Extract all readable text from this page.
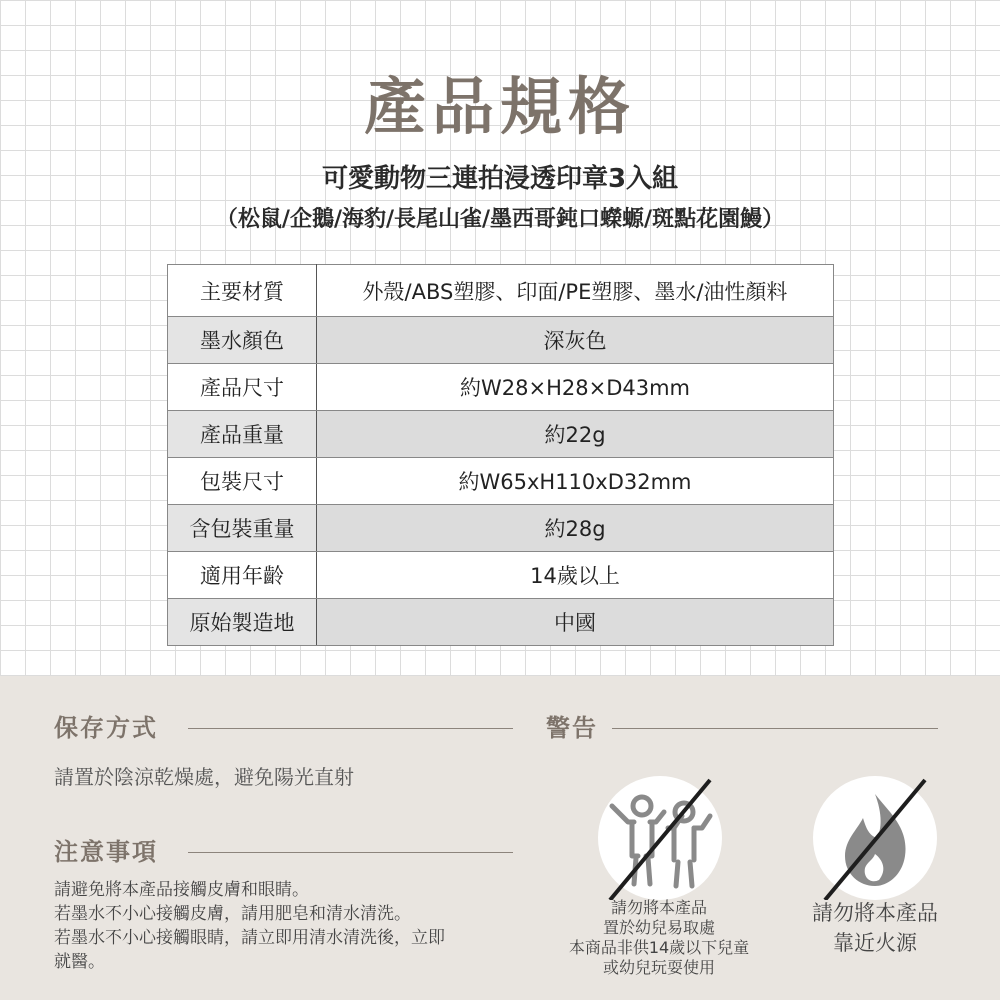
產品規格
可愛動物三連拍浸透印章3入組
（松鼠/企鵝/海豹/長尾山雀/墨西哥鈍口蠑螈/斑點花園鰻）
主要材質	外殼/ABS塑膠、印面/PE塑膠、墨水/油性顏料
墨水顏色	深灰色
產品尺寸	約W28×H28×D43mm
產品重量	約22g
包裝尺寸	約W65xH110xD32mm
含包裝重量	約28g
適用年齡	14歲以上
原始製造地	中國
保存方式
請置於陰涼乾燥處，避免陽光直射
注意事項
請避免將本產品接觸皮膚和眼睛。
若墨水不小心接觸皮膚，請用肥皂和清水清洗。
若墨水不小心接觸眼睛，請立即用清水清洗後，立即
就醫。
警告
請勿將本產品
置於幼兒易取處
本商品非供14歲以下兒童
或幼兒玩耍使用
請勿將本產品
靠近火源
